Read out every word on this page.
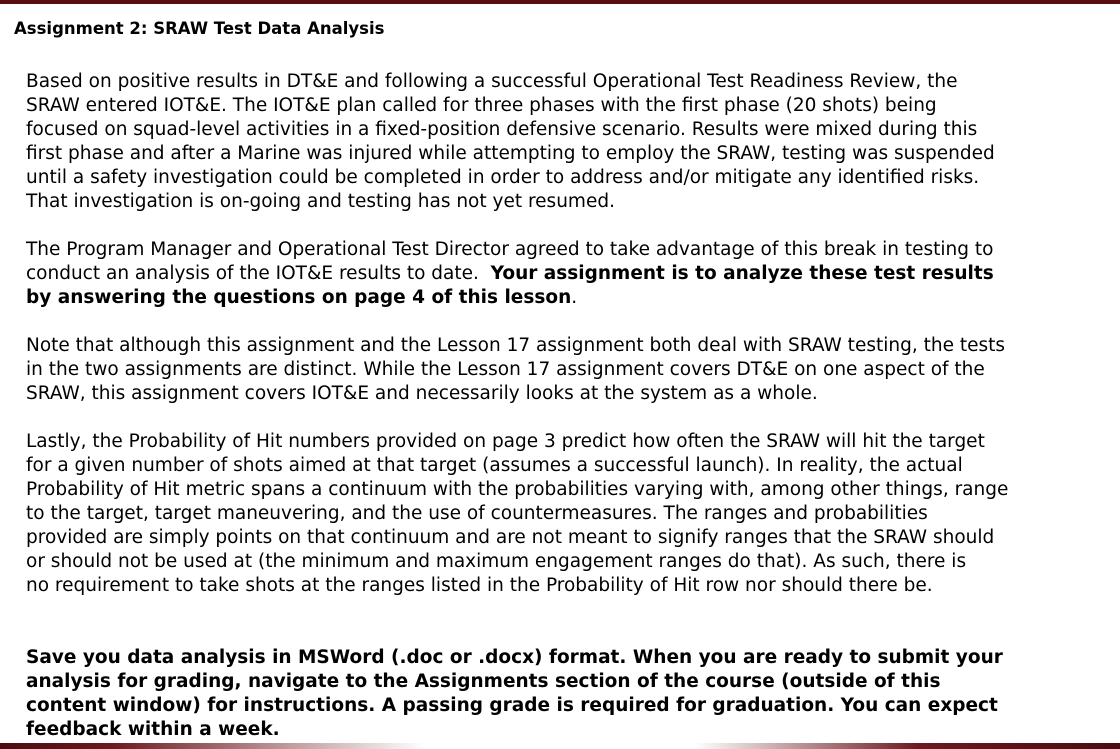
Assignment 2: SRAW Test Data Analysis

Based on positive results in DT&E and following a successful Operational Test Readiness Review, the
SRAW entered IOT&E. The IOT&E plan called for three phases with the first phase (20 shots) being
focused on squad-level activities in a fixed-position defensive scenario. Results were mixed during this
first phase and after a Marine was injured while attempting to employ the SRAW, testing was suspended
until a safety investigation could be completed in order to address and/or mitigate any identified risks.
That investigation is on-going and testing has not yet resumed.

The Program Manager and Operational Test Director agreed to take advantage of this break in testing to
conduct an analysis of the IOT&E results to date.  Your assignment is to analyze these test results
by answering the questions on page 4 of this lesson.

Note that although this assignment and the Lesson 17 assignment both deal with SRAW testing, the tests
in the two assignments are distinct. While the Lesson 17 assignment covers DT&E on one aspect of the
SRAW, this assignment covers IOT&E and necessarily looks at the system as a whole.

Lastly, the Probability of Hit numbers provided on page 3 predict how often the SRAW will hit the target
for a given number of shots aimed at that target (assumes a successful launch). In reality, the actual
Probability of Hit metric spans a continuum with the probabilities varying with, among other things, range
to the target, target maneuvering, and the use of countermeasures. The ranges and probabilities
provided are simply points on that continuum and are not meant to signify ranges that the SRAW should
or should not be used at (the minimum and maximum engagement ranges do that). As such, there is
no requirement to take shots at the ranges listed in the Probability of Hit row nor should there be.

Save you data analysis in MSWord (.doc or .docx) format. When you are ready to submit your
analysis for grading, navigate to the Assignments section of the course (outside of this
content window) for instructions. A passing grade is required for graduation. You can expect
feedback within a week.
